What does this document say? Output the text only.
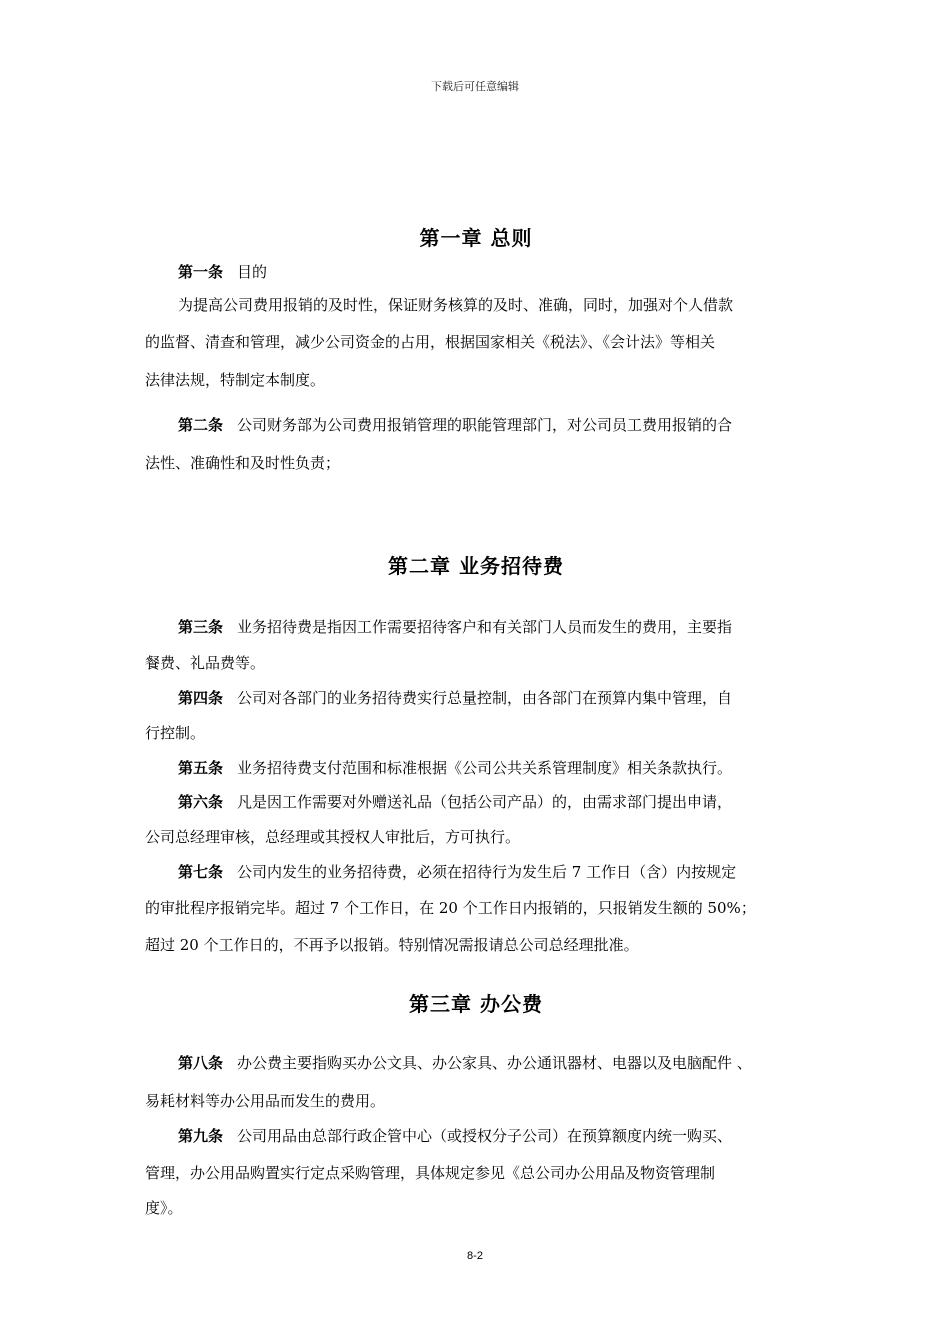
下载后可任意编辑
第一章 总则
第一条 目的
为提高公司费用报销的及时性，保证财务核算的及时、准确，同时，加强对个人借款
的监督、清查和管理，减少公司资金的占用，根据国家相关《税法》、《会计法》等相关
法律法规，特制定本制度。
第二条 公司财务部为公司费用报销管理的职能管理部门，对公司员工费用报销的合
法性、准确性和及时性负责；
第二章 业务招待费
第三条 业务招待费是指因工作需要招待客户和有关部门人员而发生的费用，主要指
餐费、礼品费等。
第四条 公司对各部门的业务招待费实行总量控制，由各部门在预算内集中管理，自
行控制。
第五条 业务招待费支付范围和标准根据《公司公共关系管理制度》相关条款执行。
第六条 凡是因工作需要对外赠送礼品（包括公司产品）的，由需求部门提出申请，
公司总经理审核，总经理或其授权人审批后，方可执行。
第七条 公司内发生的业务招待费，必须在招待行为发生后 7 工作日（含）内按规定
的审批程序报销完毕。超过 7 个工作日，在 20 个工作日内报销的，只报销发生额的 50%；
超过 20 个工作日的，不再予以报销。特别情况需报请总公司总经理批准。
第三章 办公费
第八条 办公费主要指购买办公文具、办公家具、办公通讯器材、电器以及电脑配件 、
易耗材料等办公用品而发生的费用。
第九条 公司用品由总部行政企管中心（或授权分子公司）在预算额度内统一购买、
管理，办公用品购置实行定点采购管理，具体规定参见《总公司办公用品及物资管理制
度》。
8-2
